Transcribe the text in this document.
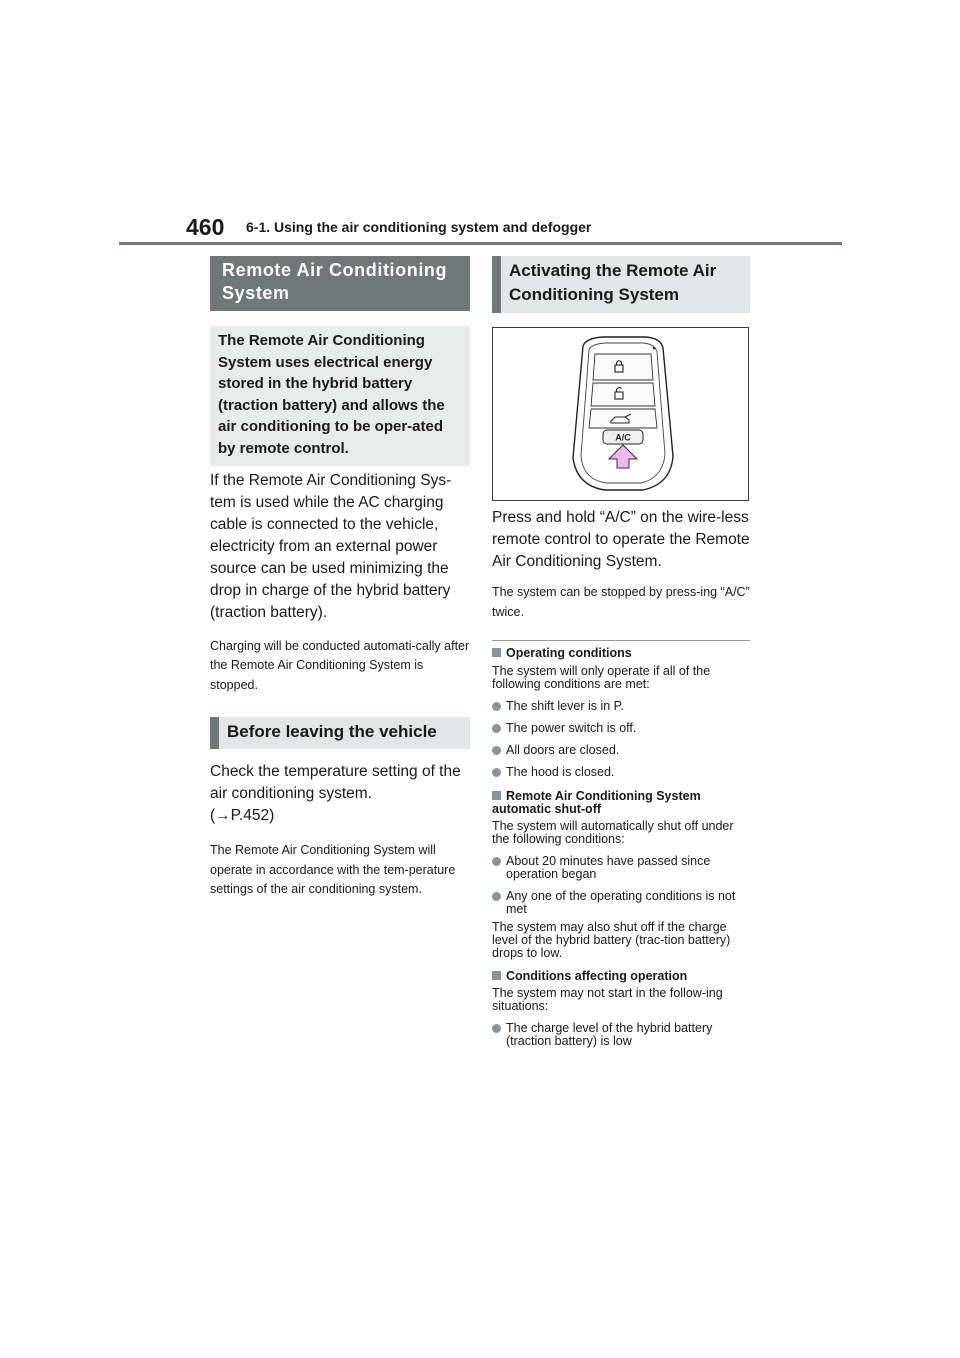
460 6-1. Using the air conditioning system and defogger
Remote Air Conditioning System
The Remote Air Conditioning System uses electrical energy stored in the hybrid battery (traction battery) and allows the air conditioning to be oper-ated by remote control.

If the Remote Air Conditioning Sys-tem is used while the AC charging cable is connected to the vehicle, electricity from an external power source can be used minimizing the drop in charge of the hybrid battery (traction battery).

Charging will be conducted automati-cally after the Remote Air Conditioning System is stopped.

Before leaving the vehicle

Check the temperature setting of the air conditioning system.
(→P.452)

The Remote Air Conditioning System will operate in accordance with the tem-perature settings of the air conditioning system.

Activating the Remote Air Conditioning System
A/C

Press and hold “A/C” on the wire-less remote control to operate the Remote Air Conditioning System.

The system can be stopped by press-ing “A/C” twice.

Operating conditions

The system will only operate if all of the following conditions are met:

The shift lever is in P.
The power switch is off.
All doors are closed.
The hood is closed.

Remote Air Conditioning System automatic shut-off

The system will automatically shut off under the following conditions:

About 20 minutes have passed since operation began
Any one of the operating conditions is not met

The system may also shut off if the charge level of the hybrid battery (trac-tion battery) drops to low.

Conditions affecting operation

The system may not start in the follow-ing situations:

The charge level of the hybrid battery (traction battery) is low
